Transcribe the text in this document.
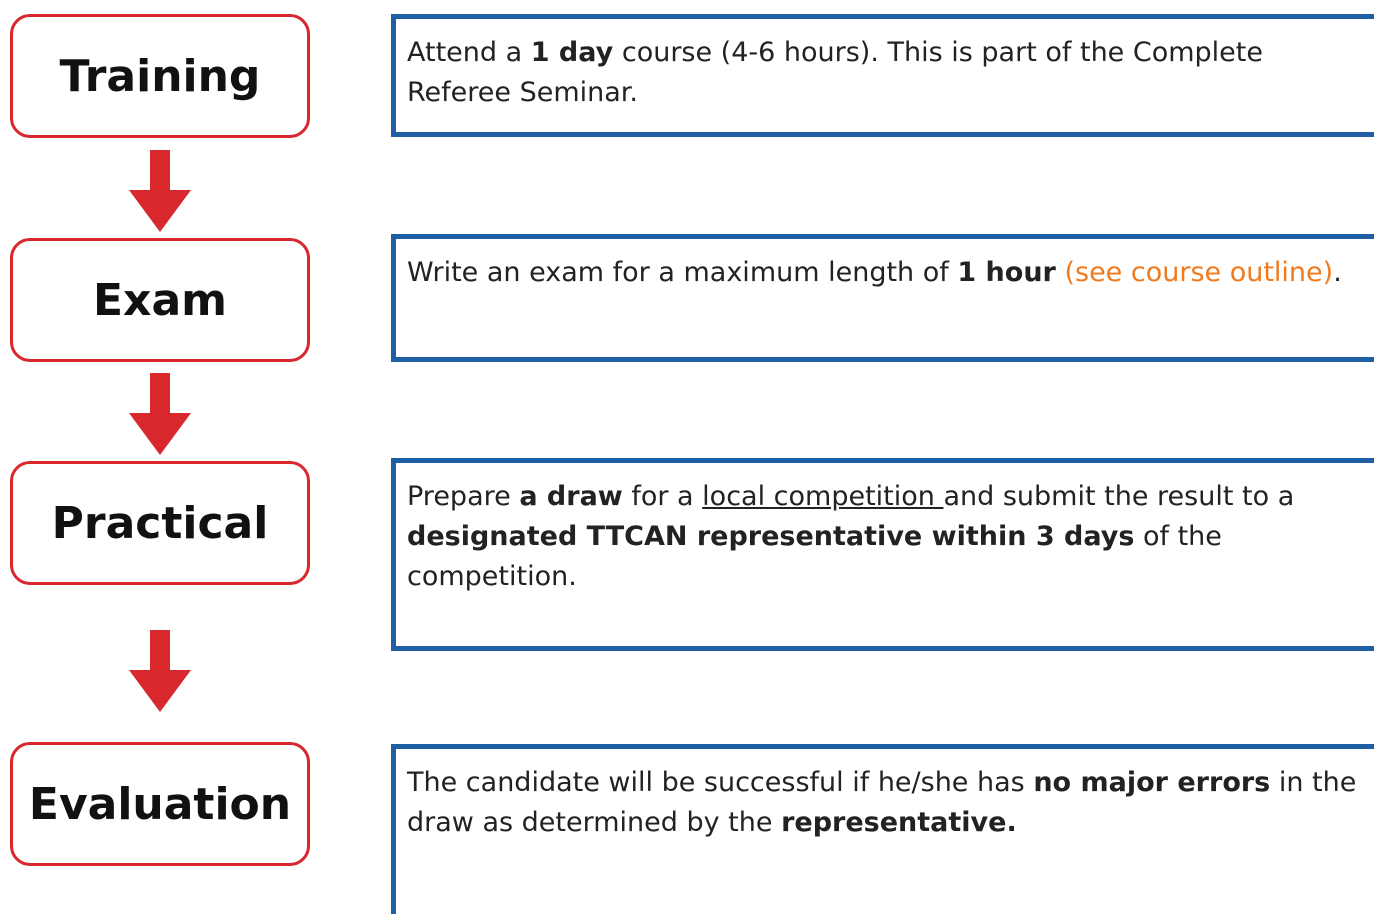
Training	Attend a 1 day course (4-6 hours). This is part of the Complete Referee Seminar.

Exam

Write an exam for a maximum length of 1 hour (see course outline).

Practical

Prepare a draw for a local competition and submit the result to a designated TTCAN representative within 3 days of the competition.

Evaluation	The candidate will be successful if he/she has no major errors in the draw as determined by the representative.
